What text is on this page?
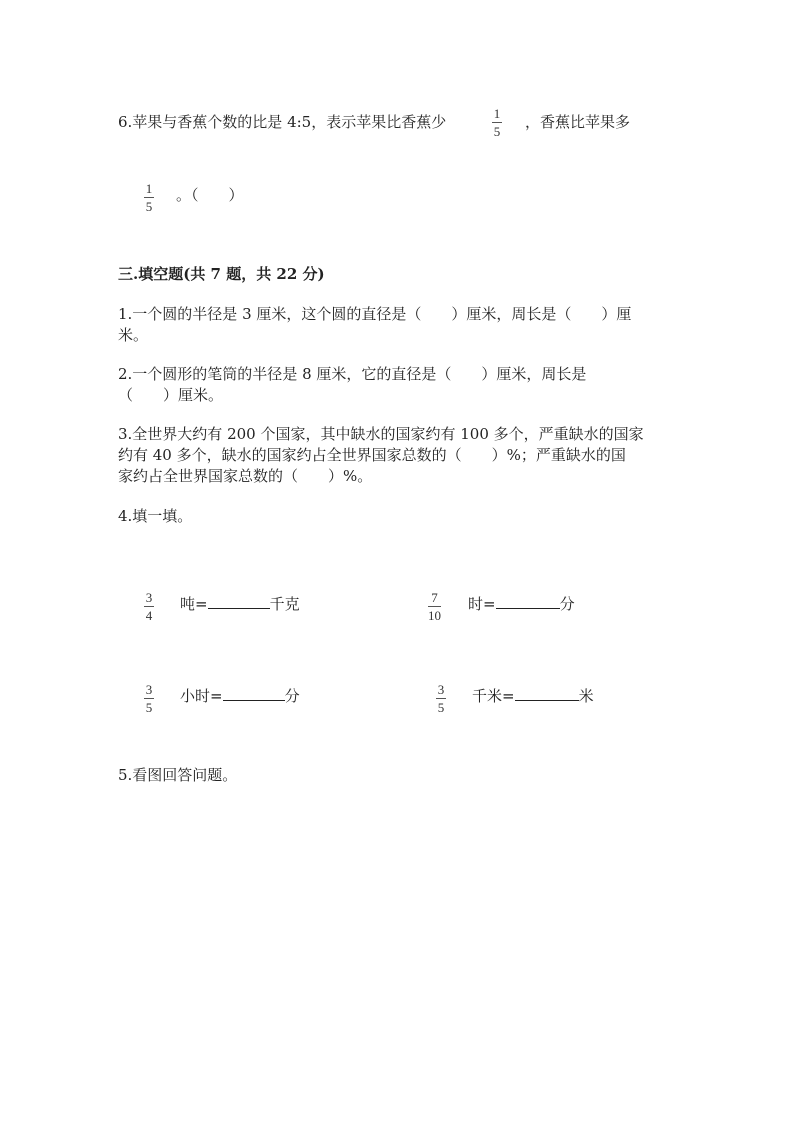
6.苹果与香蕉个数的比是 4:5，表示苹果比香蕉少	1
5
，香蕉比苹果多
1
5
。（　　）
三.填空题(共 7 题，共 22 分)
1.一个圆的半径是 3 厘米，这个圆的直径是（　　）厘米，周长是（　　）厘
米。
2.一个圆形的笔筒的半径是 8 厘米，它的直径是（　　）厘米，周长是
（　　）厘米。
3.全世界大约有 200 个国家，其中缺水的国家约有 100 多个，严重缺水的国家
约有 40 多个，缺水的国家约占全世界国家总数的（　　）%；严重缺水的国
家约占全世界国家总数的（　　）%。
4.填一填。
3
4
吨=	千克	7
10
时=	分
3
5
小时=	分	3
5
千米=	米
5.看图回答问题。
